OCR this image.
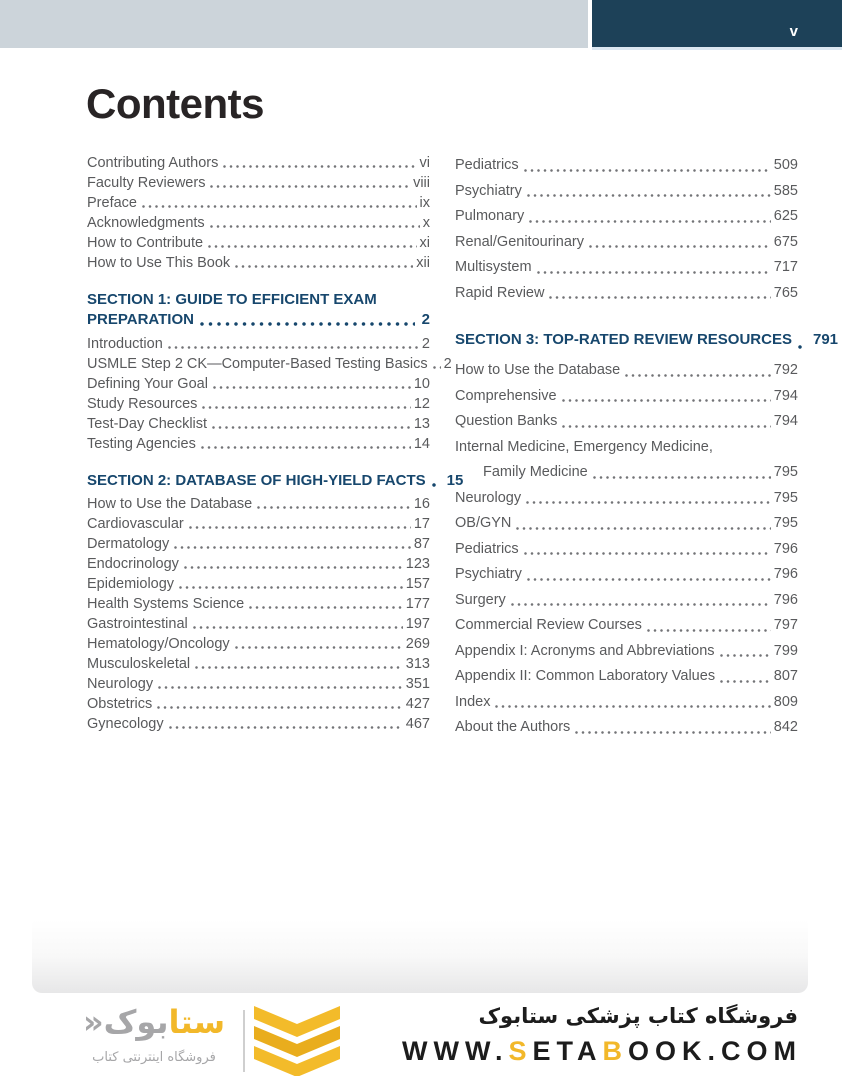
v
Contents
Contributing Authors	vi
Faculty Reviewers	viii
Preface	ix
Acknowledgments	x
How to Contribute	xi
How to Use This Book	xii
SECTION 1: GUIDE TO EFFICIENT EXAM
PREPARATION	2
Introduction	2
USMLE Step 2 CK—Computer-Based Testing Basics 2
Defining Your Goal	10
Study Resources	12
Test-Day Checklist	13
Testing Agencies	14
SECTION 2: DATABASE OF HIGH-YIELD FACTS 15
How to Use the Database	16
Cardiovascular	17
Dermatology	87
Endocrinology	123
Epidemiology	157
Health Systems Science	177
Gastrointestinal	197
Hematology/Oncology	269
Musculoskeletal	313
Neurology	351
Obstetrics	427
Gynecology	467
Pediatrics	509
Psychiatry	585
Pulmonary	625
Renal/Genitourinary	675
Multisystem	717
Rapid Review	765
SECTION 3: TOP-RATED REVIEW RESOURCES 791
How to Use the Database	792
Comprehensive	794
Question Banks	794
Internal Medicine, Emergency Medicine,
Family Medicine	795
Neurology	795
OB/GYN	795
Pediatrics	796
Psychiatry	796
Surgery	796
Commercial Review Courses	797
Appendix I: Acronyms and Abbreviations	799
Appendix II: Common Laboratory Values	807
Index	809
About the Authors	842
ستابوک«
فروشگاه اینترنتی کتاب
فروشگاه کتاب پزشکی ستابوک
WWW.SETABOOK.COM
